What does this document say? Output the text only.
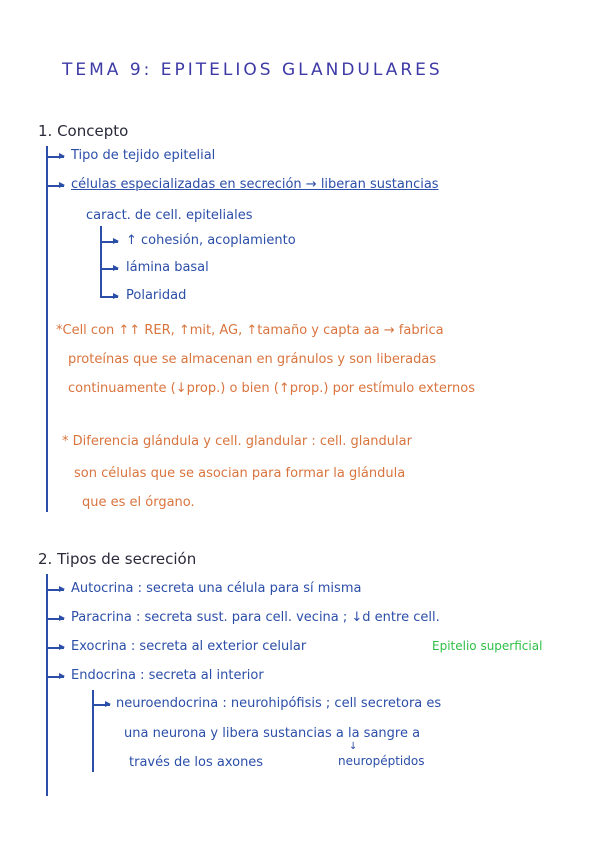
TEMA 9: EPITELIOS GLANDULARES
1. Concepto
Tipo de tejido epitelial
células especializadas en secreción → liberan sustancias
caract. de cell. epiteliales
↑ cohesión, acoplamiento
lámina basal
Polaridad
*Cell con ↑↑ RER, ↑mit, AG, ↑tamaño y capta aa → fabrica
proteínas que se almacenan en gránulos y son liberadas
continuamente (↓prop.) o bien (↑prop.) por estímulo externos
* Diferencia glándula y cell. glandular : cell. glandular
son células que se asocian para formar la glándula
que es el órgano.
2. Tipos de secreción
Autocrina : secreta una célula para sí misma
Paracrina : secreta sust. para cell. vecina ; ↓d entre cell.
Exocrina : secreta al exterior celular	Epitelio superficial
Endocrina : secreta al interior
neuroendocrina : neurohipófisis ; cell secretora es
una neurona y libera sustancias a la sangre a
↓
través de los axones	neuropéptidos
